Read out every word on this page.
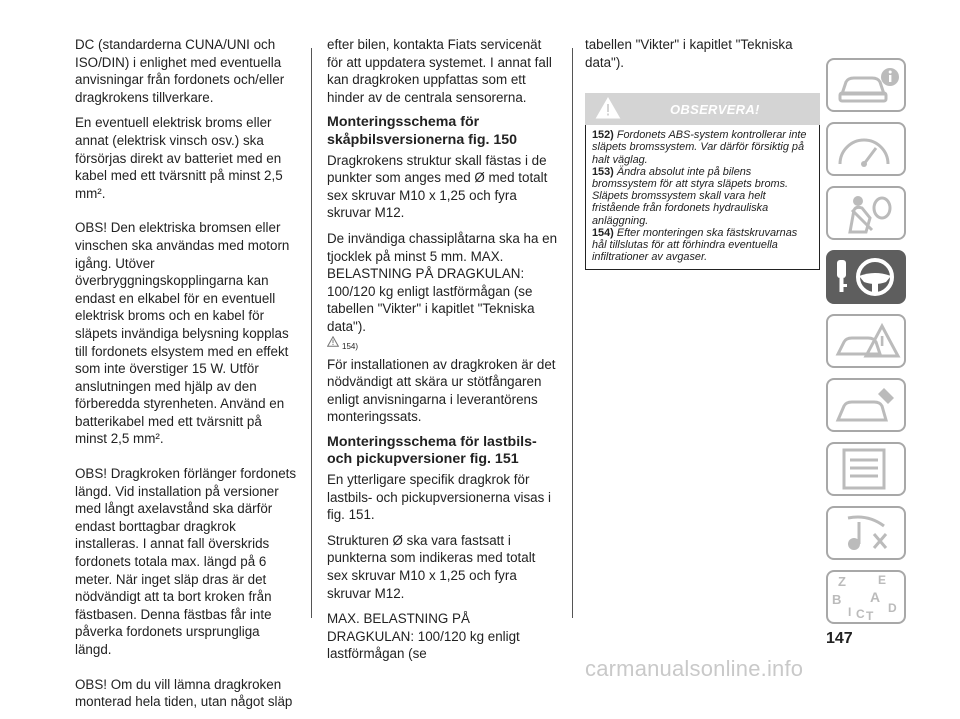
DC (standarderna CUNA/UNI och ISO/DIN) i enlighet med eventuella anvisningar från fordonets och/eller dragkrokens tillverkare.

En eventuell elektrisk broms eller annat (elektrisk vinsch osv.) ska försörjas direkt av batteriet med en kabel med ett tvärsnitt på minst 2,5 mm².

OBS! Den elektriska bromsen eller vinschen ska användas med motorn igång. Utöver överbryggningskopplingarna kan endast en elkabel för en eventuell elektrisk broms och en kabel för släpets invändiga belysning kopplas till fordonets elsystem med en effekt som inte överstiger 15 W. Utför anslutningen med hjälp av den förberedda styrenheten. Använd en batterikabel med ett tvärsnitt på minst 2,5 mm².

OBS! Dragkroken förlänger fordonets längd. Vid installation på versioner med långt axelavstånd ska därför endast borttagbar dragkrok installeras. I annat fall överskrids fordonets totala max. längd på 6 meter. När inget släp dras är det nödvändigt att ta bort kroken från fästbasen. Denna fästbas får inte påverka fordonets ursprungliga längd.

OBS! Om du vill lämna dragkroken monterad hela tiden, utan något släp

efter bilen, kontakta Fiats servicenät för att uppdatera systemet. I annat fall kan dragkroken uppfattas som ett hinder av de centrala sensorerna.

Monteringsschema för skåpbilsversionerna fig. 150

Dragkrokens struktur skall fästas i de punkter som anges med Ø med totalt sex skruvar M10 x 1,25 och fyra skruvar M12.

De invändiga chassiplåtarna ska ha en tjocklek på minst 5 mm. MAX. BELASTNING PÅ DRAGKULAN: 100/120 kg enligt lastförmågan (se tabellen "Vikter" i kapitlet "Tekniska data").

154)

För installationen av dragkroken är det nödvändigt att skära ur stötfångaren enligt anvisningarna i leverantörens monteringssats.

Monteringsschema för lastbils- och pickupversioner fig. 151

En ytterligare specifik dragkrok för lastbils- och pickupversionerna visas i fig. 151.

Strukturen Ø ska vara fastsatt i punkterna som indikeras med totalt sex skruvar M10 x 1,25 och fyra skruvar M12.

MAX. BELASTNING PÅ DRAGKULAN: 100/120 kg enligt lastförmågan (se

tabellen "Vikter" i kapitlet "Tekniska data").

OBSERVERA!

152) Fordonets ABS-system kontrollerar inte släpets bromssystem. Var därför försiktig på halt väglag.

153) Ändra absolut inte på bilens bromssystem för att styra släpets broms. Släpets bromssystem skall vara helt fristående från fordonets hydrauliska anläggning.

154) Efter monteringen ska fästskruvarnas hål tillslutas för att förhindra eventuella infiltrationer av avgaser.

Z	E
B A
I C T
D
147
carmanualsonline.info
